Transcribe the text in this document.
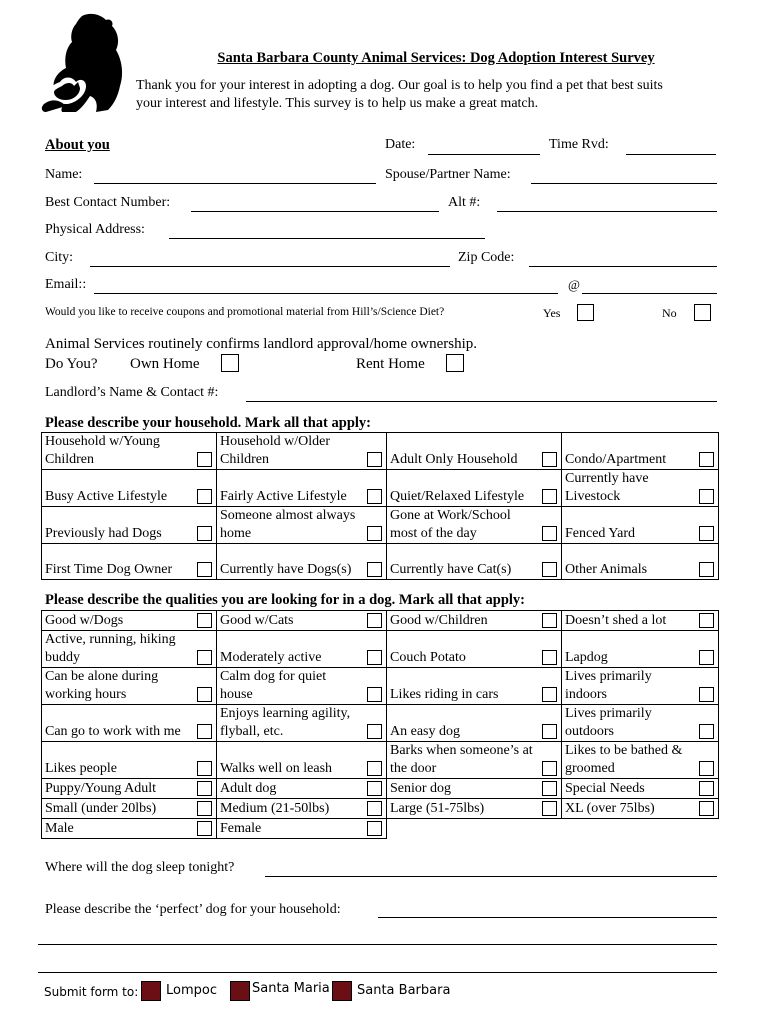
Santa Barbara County Animal Services: Dog Adoption Interest Survey
Thank you for your interest in adopting a dog. Our goal is to help you find a pet that best suits
your interest and lifestyle. This survey is to help us make a great match.
About you	Date:	Time Rvd:
Name:	Spouse/Partner Name:
Best Contact Number:	Alt #:
Physical Address:
City:	Zip Code:
Email::	@
Would you like to receive coupons and promotional material from Hill’s/Science Diet?	Yes	No
Animal Services routinely confirms landlord approval/home ownership.
Do You? Own Home	Rent Home
Landlord’s Name & Contact #:
Please describe your household. Mark all that apply:
Household w/Young Children	Household w/Older Children	Adult Only Household	Condo/Apartment

Busy Active Lifestyle	Fairly Active Lifestyle	Quiet/Relaxed Lifestyle	Currently have Livestock

Previously had Dogs	Someone almost always home	Gone at Work/School most of the day	Fenced Yard

First Time Dog Owner	Currently have Dogs(s)	Currently have Cat(s)	Other Animals
Please describe the qualities you are looking for in a dog. Mark all that apply:
Good w/Dogs	Good w/Cats	Good w/Children	Doesn’t shed a lot

Active, running, hiking buddy	Moderately active	Couch Potato	Lapdog

Can be alone during working hours	Calm dog for quiet house	Likes riding in cars	Lives primarily indoors

Can go to work with me	Enjoys learning agility, flyball, etc.	An easy dog	Lives primarily outdoors

Likes people	Walks well on leash	Barks when someone’s at the door	Likes to be bathed & groomed

Puppy/Young Adult	Adult dog	Senior dog	Special Needs

Small (under 20lbs)	Medium (21-50lbs)	Large (51-75lbs)	XL (over 75lbs)

Male	Female		

Where will the dog sleep tonight?
Please describe the ‘perfect’ dog for your household:
Submit form to: Lompoc	Santa Maria Santa Barbara
